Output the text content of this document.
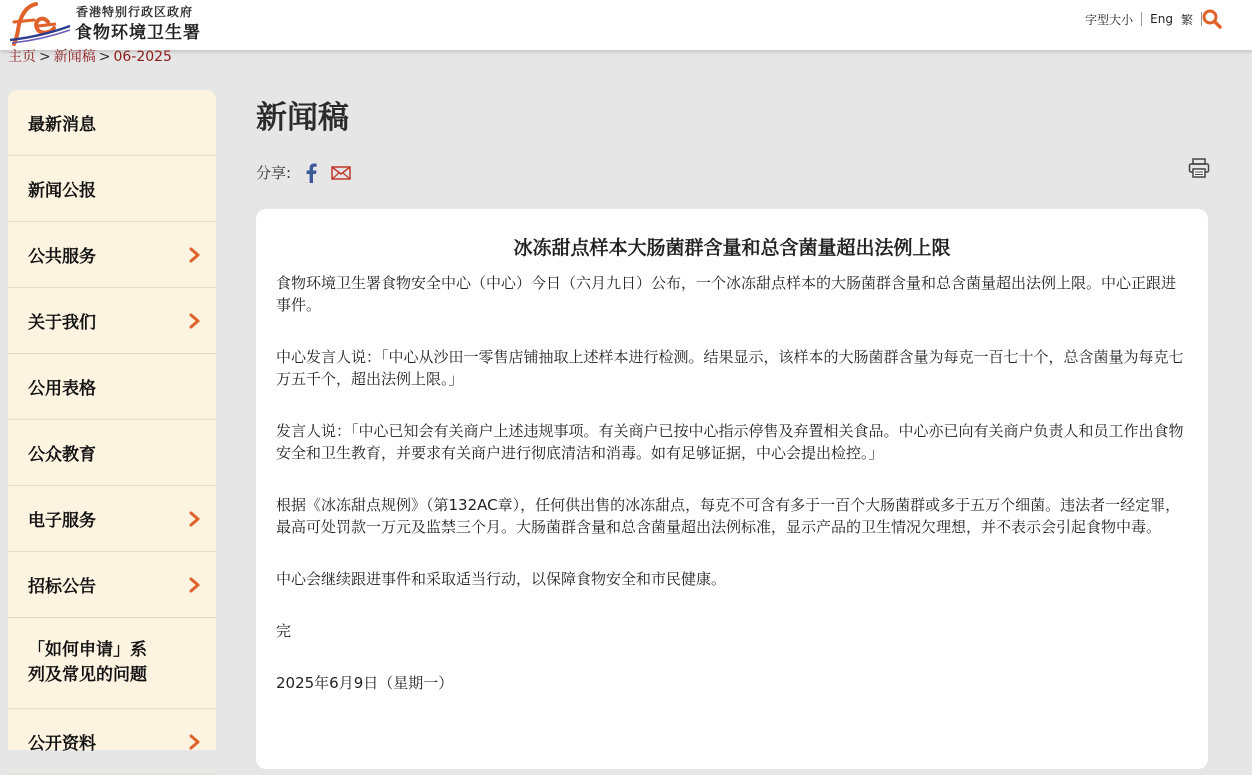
香港特别行政区政府
食物环境卫生署
字型大小 Eng 繁
主页 > 新闻稿 > 06-2025
最新消息
新闻公报
公共服务
关于我们
公用表格
公众教育
电子服务
招标公告
「如何申请」系
列及常见的问题
公开资料
新闻稿
分享:
冰冻甜点样本大肠菌群含量和总含菌量超出法例上限

食物环境卫生署食物安全中心（中心）今日（六月九日）公布，一个冰冻甜点样本的大肠菌群含量和总含菌量超出法例上限。中心正跟进事件。

中心发言人说：「中心从沙田一零售店铺抽取上述样本进行检测。结果显示，该样本的大肠菌群含量为每克一百七十个，总含菌量为每克七万五千个，超出法例上限。」

发言人说：「中心已知会有关商户上述违规事项。有关商户已按中心指示停售及弃置相关食品。中心亦已向有关商户负责人和员工作出食物安全和卫生教育，并要求有关商户进行彻底清洁和消毒。如有足够证据，中心会提出检控。」

根据《冰冻甜点规例》（第132AC章），任何供出售的冰冻甜点，每克不可含有多于一百个大肠菌群或多于五万个细菌。违法者一经定罪，最高可处罚款一万元及监禁三个月。大肠菌群含量和总含菌量超出法例标准，显示产品的卫生情况欠理想，并不表示会引起食物中毒。

中心会继续跟进事件和采取适当行动，以保障食物安全和市民健康。

完

2025年6月9日（星期一）
